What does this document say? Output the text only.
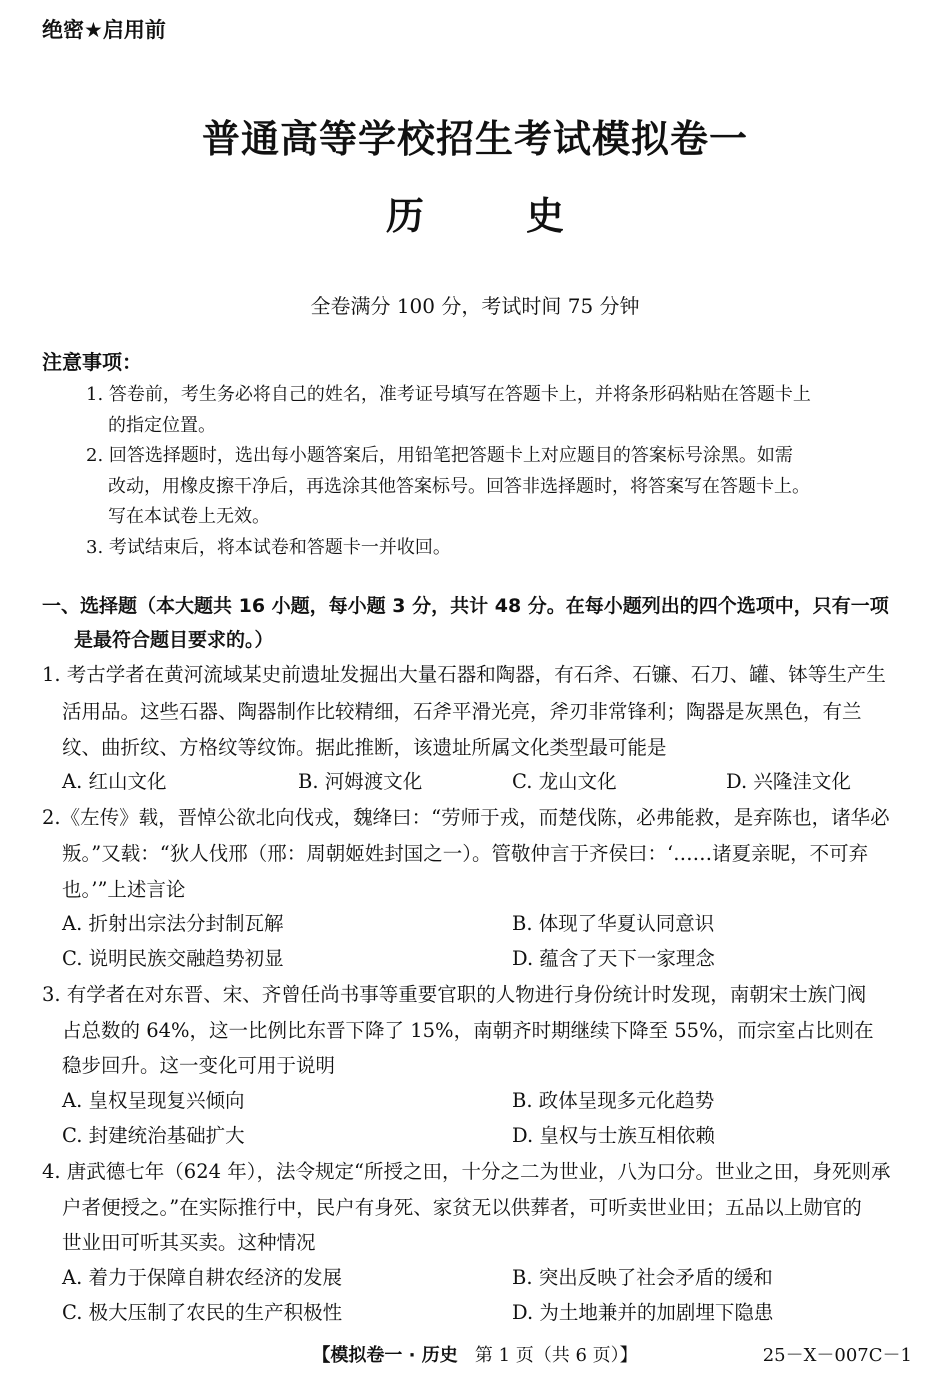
绝密★启用前
普通高等学校招生考试模拟卷一
历	史
全卷满分 100 分，考试时间 75 分钟
注意事项：
1. 答卷前，考生务必将自己的姓名，准考证号填写在答题卡上，并将条形码粘贴在答题卡上
的指定位置。
2. 回答选择题时，选出每小题答案后，用铅笔把答题卡上对应题目的答案标号涂黑。如需
改动，用橡皮擦干净后，再选涂其他答案标号。回答非选择题时，将答案写在答题卡上。
写在本试卷上无效。
3. 考试结束后，将本试卷和答题卡一并收回。
一、选择题（本大题共 16 小题，每小题 3 分，共计 48 分。在每小题列出的四个选项中，只有一项
是最符合题目要求的。）
1. 考古学者在黄河流域某史前遗址发掘出大量石器和陶器，有石斧、石镰、石刀、罐、钵等生产生
活用品。这些石器、陶器制作比较精细，石斧平滑光亮，斧刃非常锋利；陶器是灰黑色，有兰
纹、曲折纹、方格纹等纹饰。据此推断，该遗址所属文化类型最可能是
A. 红山文化	B. 河姆渡文化	C. 龙山文化	D. 兴隆洼文化
2.《左传》载，晋悼公欲北向伐戎，魏绛曰：“劳师于戎，而楚伐陈，必弗能救，是弃陈也，诸华必
叛。”又载：“狄人伐邢（邢：周朝姬姓封国之一）。管敬仲言于齐侯曰：‘……诸夏亲昵，不可弃
也。’”上述言论
A. 折射出宗法分封制瓦解	B. 体现了华夏认同意识
C. 说明民族交融趋势初显	D. 蕴含了天下一家理念
3. 有学者在对东晋、宋、齐曾任尚书事等重要官职的人物进行身份统计时发现，南朝宋士族门阀
占总数的 64%，这一比例比东晋下降了 15%，南朝齐时期继续下降至 55%，而宗室占比则在
稳步回升。这一变化可用于说明
A. 皇权呈现复兴倾向	B. 政体呈现多元化趋势
C. 封建统治基础扩大	D. 皇权与士族互相依赖
4. 唐武德七年（624 年），法令规定“所授之田，十分之二为世业，八为口分。世业之田，身死则承
户者便授之。”在实际推行中，民户有身死、家贫无以供葬者，可听卖世业田；五品以上勋官的
世业田可听其买卖。这种情况
A. 着力于保障自耕农经济的发展	B. 突出反映了社会矛盾的缓和
C. 极大压制了农民的生产积极性	D. 为土地兼并的加剧埋下隐患
【模拟卷一 · 历史 第 1 页（共 6 页）】	25－X－007C－1
